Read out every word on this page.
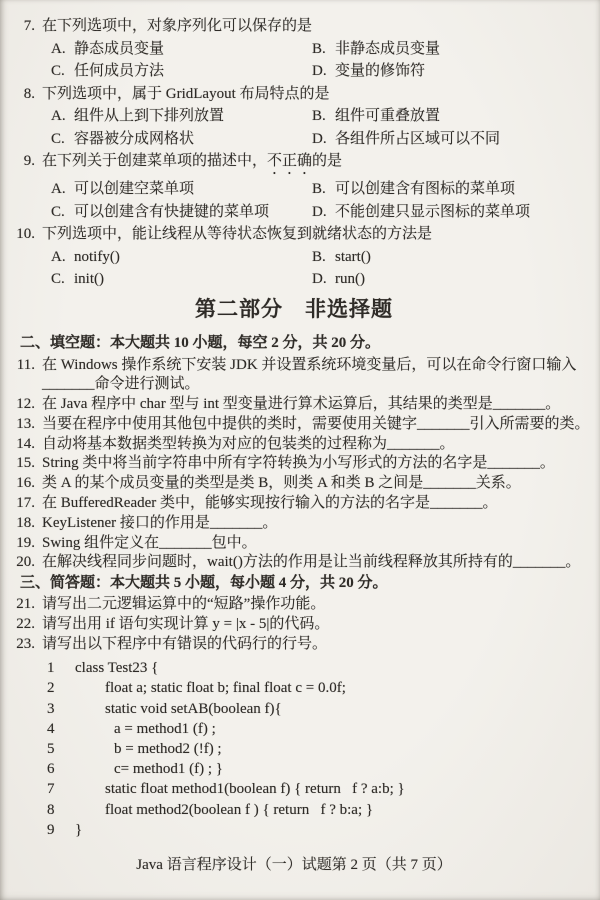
7. 在下列选项中，对象序列化可以保存的是
A. 静态成员变量	B. 非静态成员变量
C. 任何成员方法	D. 变量的修饰符
8. 下列选项中，属于 GridLayout 布局特点的是
A. 组件从上到下排列放置	B. 组件可重叠放置
C. 容器被分成网格状	D. 各组件所占区域可以不同
9. 在下列关于创建菜单项的描述中，不正确的是
A. 可以创建空菜单项	B. 可以创建含有图标的菜单项
C. 可以创建含有快捷键的菜单项	D. 不能创建只显示图标的菜单项
10. 下列选项中，能让线程从等待状态恢复到就绪状态的方法是
A. notify()	B. start()
C. init()	D. run()
第二部分　非选择题

二、填空题：本大题共 10 小题，每空 2 分，共 20 分。

11. 在 Windows 操作系统下安装 JDK 并设置系统环境变量后，可以在命令行窗口输入
_______命令进行测试。
12. 在 Java 程序中 char 型与 int 型变量进行算术运算后，其结果的类型是_______。
13. 当要在程序中使用其他包中提供的类时，需要使用关键字_______引入所需要的类。
14. 自动将基本数据类型转换为对应的包装类的过程称为_______。
15. String 类中将当前字符串中所有字符转换为小写形式的方法的名字是_______。
16. 类 A 的某个成员变量的类型是类 B，则类 A 和类 B 之间是_______关系。
17. 在 BufferedReader 类中，能够实现按行输入的方法的名字是_______。
18. KeyListener 接口的作用是_______。
19. Swing 组件定义在_______包中。
20. 在解决线程同步问题时，wait()方法的作用是让当前线程释放其所持有的_______。

三、简答题：本大题共 5 小题，每小题 4 分，共 20 分。

21. 请写出二元逻辑运算中的“短路”操作功能。
22. 请写出用 if 语句实现计算 y = |x - 5|的代码。
23. 请写出以下程序中有错误的代码行的行号。
1	class Test23 {
2	float a; static float b; final float c = 0.0f;
3	static void setAB(boolean f){
4	a = method1 (f) ;
5	b = method2 (!f) ;
6	c= method1 (f) ; }
7	static float method1(boolean f) { return   f ? a:b; }
8	float method2(boolean f ) { return   f ? b:a; }
9	}
Java 语言程序设计（一）试题第 2 页（共 7 页）
